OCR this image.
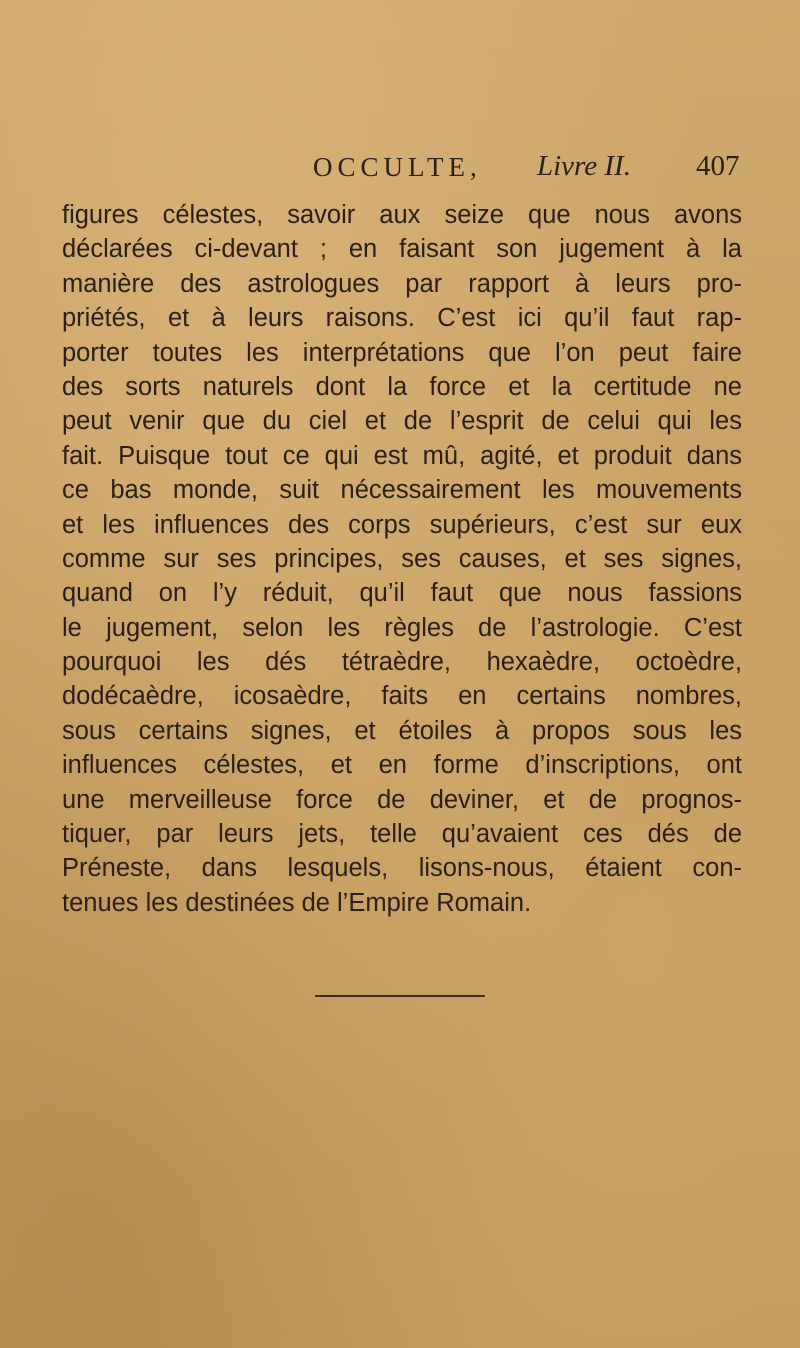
OCCULTE, Livre II. 407
figures célestes, savoir aux seize que nous avons
déclarées ci-devant ; en faisant son jugement à la
manière des astrologues par rapport à leurs pro-
priétés, et à leurs raisons. C’est ici qu’il faut rap-
porter toutes les interprétations que l’on peut faire
des sorts naturels dont la force et la certitude ne
peut venir que du ciel et de l’esprit de celui qui les
fait. Puisque tout ce qui est mû, agité, et produit dans
ce bas monde, suit nécessairement les mouvements
et les influences des corps supérieurs, c’est sur eux
comme sur ses principes, ses causes, et ses signes,
quand on l’y réduit, qu’il faut que nous fassions
le jugement, selon les règles de l’astrologie. C’est
pourquoi les dés tétraèdre, hexaèdre, octoèdre,
dodécaèdre, icosaèdre, faits en certains nombres,
sous certains signes, et étoiles à propos sous les
influences célestes, et en forme d’inscriptions, ont
une merveilleuse force de deviner, et de prognos-
tiquer, par leurs jets, telle qu’avaient ces dés de
Préneste, dans lesquels, lisons-nous, étaient con-
tenues les destinées de l’Empire Romain.
